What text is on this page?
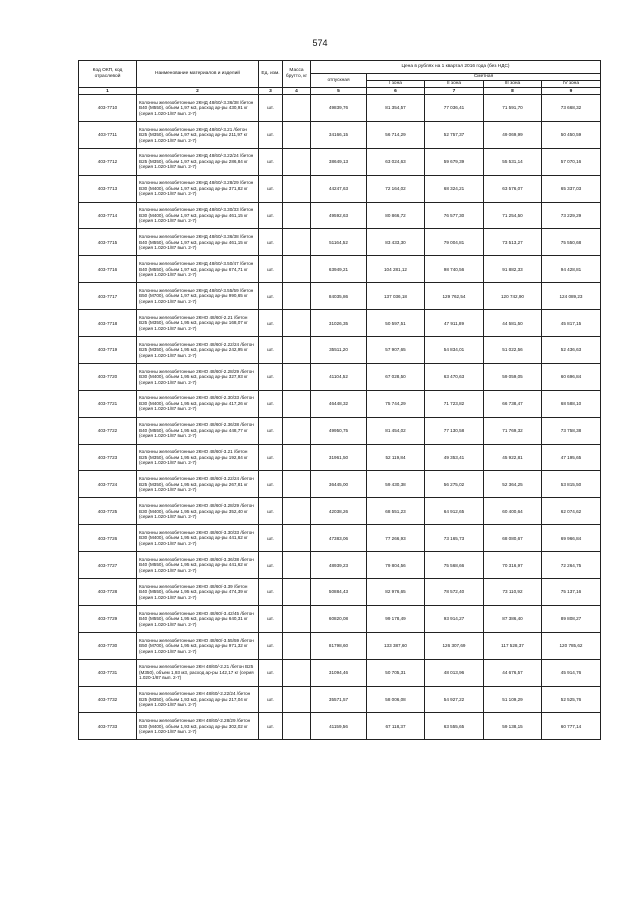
574
Код ОКП, код отраслевой	Наименование материалов и изделий	Ед. изм.	Масса брутто, кг	Цена в рублях на 1 квартал 2016 года (без НДС)				
				отпускная	Сметная			
					I зона	II зона	III зона	IV зона
1	2	3	4	5	6	7	8	9
403-7710	Колонны железобетонные 2КНД 48/60/-3.36/38 /бетон В40 (М550), объем 1,97 м3, расход ар-ры 430,91 кг (серия 1.020-1/87 вып. 2-7)	шт.		49839,76	81 354,57	77 036,41	71 591,70	73 668,32
403-7711	Колонны железобетонные 2КНД 48/60/-3.21 /бетон В25 (М350), объем 1,97 м3, расход ар-ры 211,97 кг (серия 1.020-1/87 вып. 2-7)	шт.		34166,15	56 714,29	52 757,37	49 069,99	50 450,59
403-7712	Колонны железобетонные 2КНД 48/60/-3.22/24 /бетон В25 (М350), объем 1,97 м3, расход ар-ры 286,84 кг (серия 1.020-1/87 вып. 2-7)	шт.		38649,13	63 024,63	59 679,39	55 531,14	57 070,16
403-7713	Колонны железобетонные 2КНД 48/60/-3.28/29 /бетон В30 (М400), объем 1,97 м3, расход ар-ры 371,82 кг (серия 1.020-1/87 вып. 2-7)	шт.		44247,63	72 164,02	68 324,21	63 576,07	65 337,03
403-7714	Колонны железобетонные 2КНД 48/60/-3.30/33 /бетон В30 (М400), объем 1,97 м3, расход ар-ры 461,15 кг (серия 1.020-1/87 вып. 2-7)	шт.		49592,63	80 866,72	76 577,30	71 254,50	73 229,29
403-7715	Колонны железобетонные 2КНД 48/60/-3.36/38 /бетон В40 (М550), объем 1,97 м3, расход ар-ры 461,15 кг (серия 1.020-1/87 вып. 2-7)	шт.		51164,52	83 433,30	79 004,81	73 513,27	75 550,68
403-7716	Колонны железобетонные 2КНД 48/60/-3.50/47 /бетон В40 (М550), объем 1,97 м3, расход ар-ры 674,71 кг (серия 1.020-1/87 вып. 2-7)	шт.		63949,21	104 281,12	98 740,56	91 882,33	94 428,81
403-7717	Колонны железобетонные 2КНД 48/60/-3.55/59 /бетон В50 (М700), объем 1,97 м3, расход ар-ры 990,65 кг (серия 1.020-1/87 вып. 2-7)	шт.		84035,86	137 036,18	129 762,54	120 742,90	124 089,23
403-7718	Колонны железобетонные 2КНО 48/60/-2.21 /бетон В25 (М350), объем 1,95 м3, расход ар-ры 168,07 кг (серия 1.020-1/87 вып. 2-7)	шт.		31026,35	50 597,51	47 911,89	44 581,50	45 817,15
403-7719	Колонны железобетонные 2КНО 48/60/-2.22/24 /бетон В25 (М350), объем 1,95 м3, расход ар-ры 242,95 кг (серия 1.020-1/87 вып. 2-7)	шт.		35511,20	57 907,65	54 834,01	51 022,56	52 436,63
403-7720	Колонны железобетонные 2КНО 48/60/-2.28/29 /бетон В30 (М400), объем 1,95 м3, расход ар-ры 327,93 кг (серия 1.020-1/87 вып. 2-7)	шт.		41104,52	67 028,50	63 470,63	59 059,05	60 696,84
403-7721	Колонны железобетонные 2КНО 48/60/-2.30/33 /бетон В30 (М400), объем 1,95 м3, расход ар-ры 417,26 кг (серия 1.020-1/87 вып. 2-7)	шт.		46448,32	75 744,29	71 723,82	66 738,47	68 588,10
403-7722	Колонны железобетонные 2КНО 48/60/-2.36/38 /бетон В40 (М550), объем 1,95 м3, расход ар-ры 448,77 кг (серия 1.020-1/87 вып. 2-7)	шт.		49950,75	81 454,02	77 130,58	71 769,32	73 758,38
403-7723	Колонны железобетонные 2КНО 48/60/-3.21 /бетон В25 (М350), объем 1,95 м3, расход ар-ры 192,84 кг (серия 1.020-1/87 вып. 2-7)	шт.		31961,50	52 119,84	49 353,41	45 922,81	47 195,65
403-7724	Колонны железобетонные 2КНО 48/60/-3.22/24 /бетон В25 (М350), объем 1,95 м3, расход ар-ры 267,81 кг (серия 1.020-1/87 вып. 2-7)	шт.		36445,00	59 430,38	56 275,02	52 364,25	53 815,50
403-7725	Колонны железобетонные 2КНО 48/60/-3.28/29 /бетон В30 (М400), объем 1,95 м3, расход ар-ры 352,40 кг (серия 1.020-1/87 вып. 2-7)	шт.		42038,26	68 551,23	64 912,65	60 400,64	62 074,62
403-7726	Колонны железобетонные 2КНО 48/60/-3.30/33 /бетон В30 (М400), объем 1,95 м3, расход ар-ры 441,62 кг (серия 1.020-1/87 вып. 2-7)	шт.		47383,06	77 266,93	73 165,73	68 080,67	69 966,84
403-7727	Колонны железобетонные 2КНО 48/60/-3.36/38 /бетон В40 (М550), объем 1,95 м3, расход ар-ры 441,62 кг (серия 1.020-1/87 вып. 2-7)	шт.		48939,23	79 804,56	75 568,66	70 316,97	72 264,75
403-7728	Колонны железобетонные 2КНО 48/60/-3.39 /бетон В40 (М550), объем 1,95 м3, расход ар-ры 474,39 кг (серия 1.020-1/87 вып. 2-7)	шт.		50884,43	82 976,65	78 572,40	73 110,92	75 137,16
403-7729	Колонны железобетонные 2КНО 48/60/-3.42/45 /бетон В40 (М550), объем 1,95 м3, расход ар-ры 640,31 кг (серия 1.020-1/87 вып. 2-7)	шт.		60820,08	99 178,49	93 914,27	87 386,40	89 808,27
403-7730	Колонны железобетонные 2КНО 48/60/-3.55/59 /бетон В50 (М700), объем 1,95 м3, расход ар-ры 971,32 кг (серия 1.020-1/87 вып. 2-7)	шт.		81798,60	133 387,60	126 307,69	117 528,37	120 785,62
403-7731	Колонны железобетонные 2КН 48/60/-2.21 /бетон В25 (М350), объем 1,93 м3, расход ар-ры 142,17 кг (серия 1.020-1/87 вып. 2-7)	шт.		31094,46	50 705,31	48 013,96	44 676,57	45 914,76
403-7732	Колонны железобетонные 2КН 48/60/-2.22/24 /бетон В25 (М350), объем 1,93 м3, расход ар-ры 217,04 кг (серия 1.020-1/87 вып. 2-7)	шт.		35571,57	58 006,08	54 927,22	51 109,29	52 525,76
403-7733	Колонны железобетонные 2КН 48/60/-2.28/29 /бетон В30 (М400), объем 1,93 м3, расход ар-ры 302,02 кг (серия 1.020-1/87 вып. 2-7)	шт.		41159,56	67 118,37	63 555,65	59 138,15	60 777,14
